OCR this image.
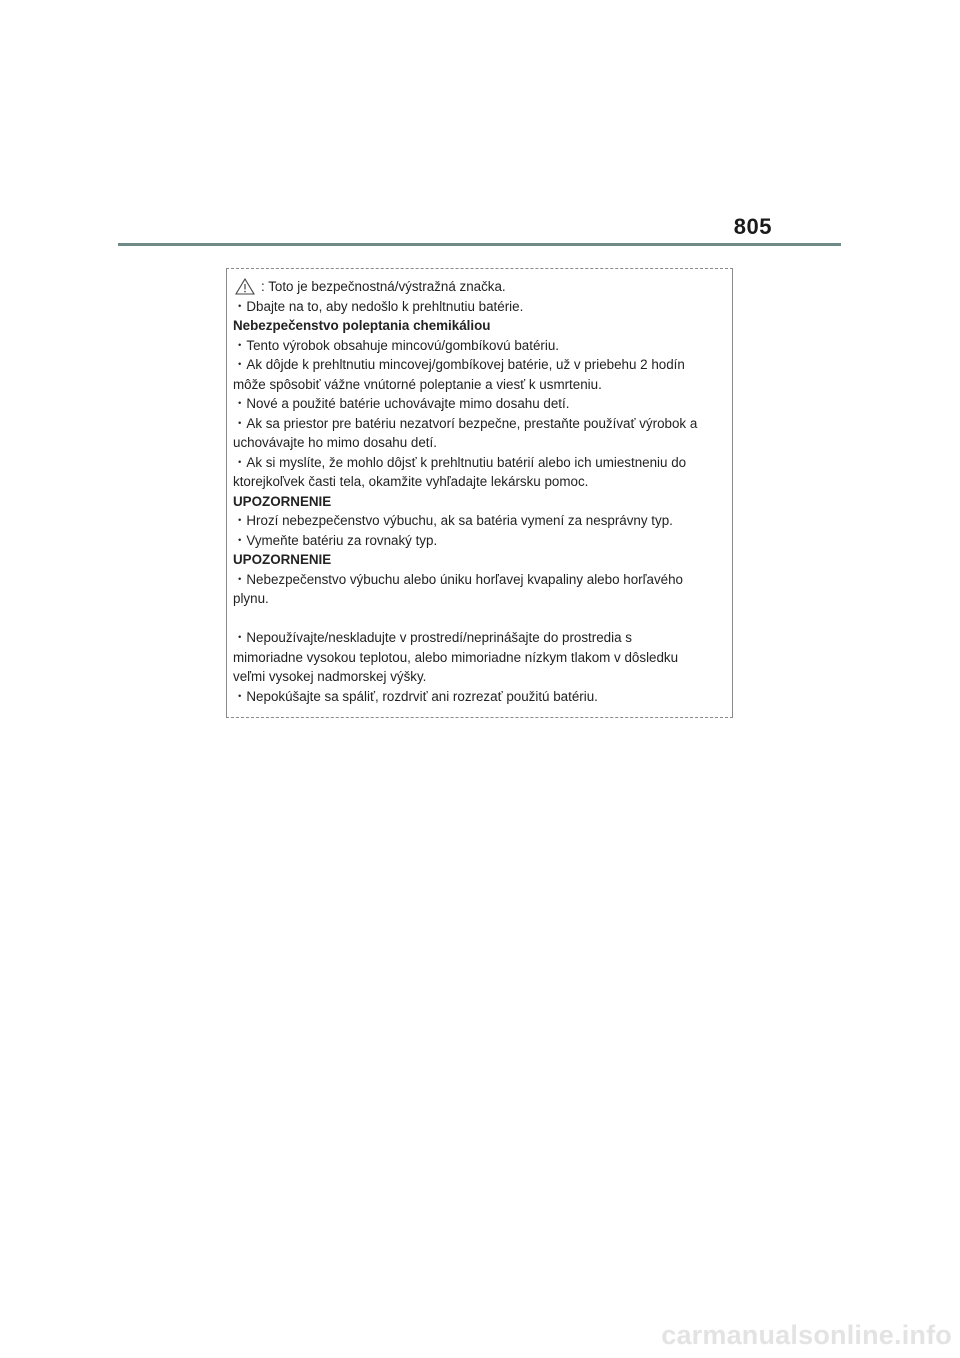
805
: Toto je bezpečnostná/výstražná značka.
・Dbajte na to, aby nedošlo k prehltnutiu batérie.
Nebezpečenstvo poleptania chemikáliou
・Tento výrobok obsahuje mincovú/gombíkovú batériu.
・Ak dôjde k prehltnutiu mincovej/gombíkovej batérie, už v priebehu 2 hodín
môže spôsobiť vážne vnútorné poleptanie a viesť k usmrteniu.
・Nové a použité batérie uchovávajte mimo dosahu detí.
・Ak sa priestor pre batériu nezatvorí bezpečne, prestaňte používať výrobok a
uchovávajte ho mimo dosahu detí.
・Ak si myslíte, že mohlo dôjsť k prehltnutiu batérií alebo ich umiestneniu do
ktorejkoľvek časti tela, okamžite vyhľadajte lekársku pomoc.
UPOZORNENIE
・Hrozí nebezpečenstvo výbuchu, ak sa batéria vymení za nesprávny typ.
・Vymeňte batériu za rovnaký typ.
UPOZORNENIE
・Nebezpečenstvo výbuchu alebo úniku horľavej kvapaliny alebo horľavého
plynu.
・Nepoužívajte/neskladujte v prostredí/neprinášajte do prostredia s
mimoriadne vysokou teplotou, alebo mimoriadne nízkym tlakom v dôsledku
veľmi vysokej nadmorskej výšky.
・Nepokúšajte sa spáliť, rozdrviť ani rozrezať použitú batériu.
carmanualsonline.info
